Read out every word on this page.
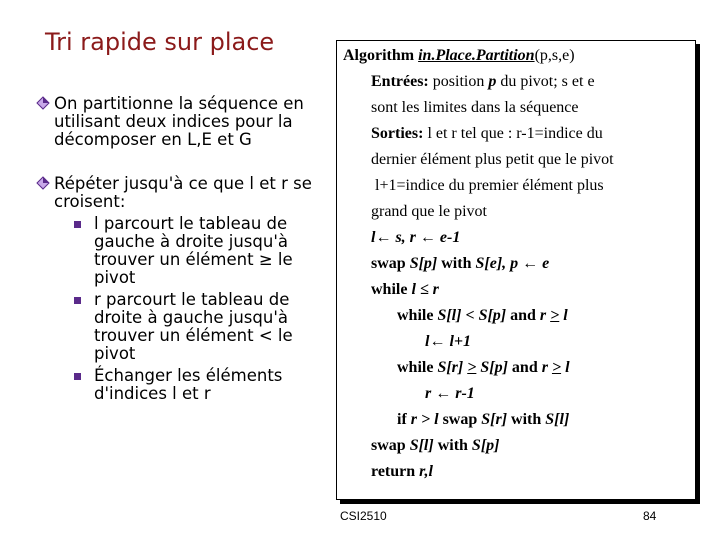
Tri rapide sur place
On partitionne la séquence en utilisant deux indices pour la décomposer en L,E et G
Répéter jusqu'à ce que l et r se croisent:
l parcourt le tableau de gauche à droite jusqu'à trouver un élément ≥ le pivot
r parcourt le tableau de droite à gauche jusqu'à trouver un élément < le pivot
Échanger les éléments d'indices l et r
Algorithm in.Place.Partition(p,s,e)
Entrées: position p du pivot; s et e
sont les limites dans la séquence
Sorties: l et r tel que : r-1=indice du
dernier élément plus petit que le pivot
l+1=indice du premier élément plus
grand que le pivot
l← s, r ← e-1
swap S[p] with S[e], p ← e
while l ≤ r
while S[l] < S[p] and r > l
l← l+1
while S[r] > S[p] and r > l
r ← r-1
if r > l swap S[r] with S[l]
swap S[l] with S[p]
return r,l
CSI2510	84
